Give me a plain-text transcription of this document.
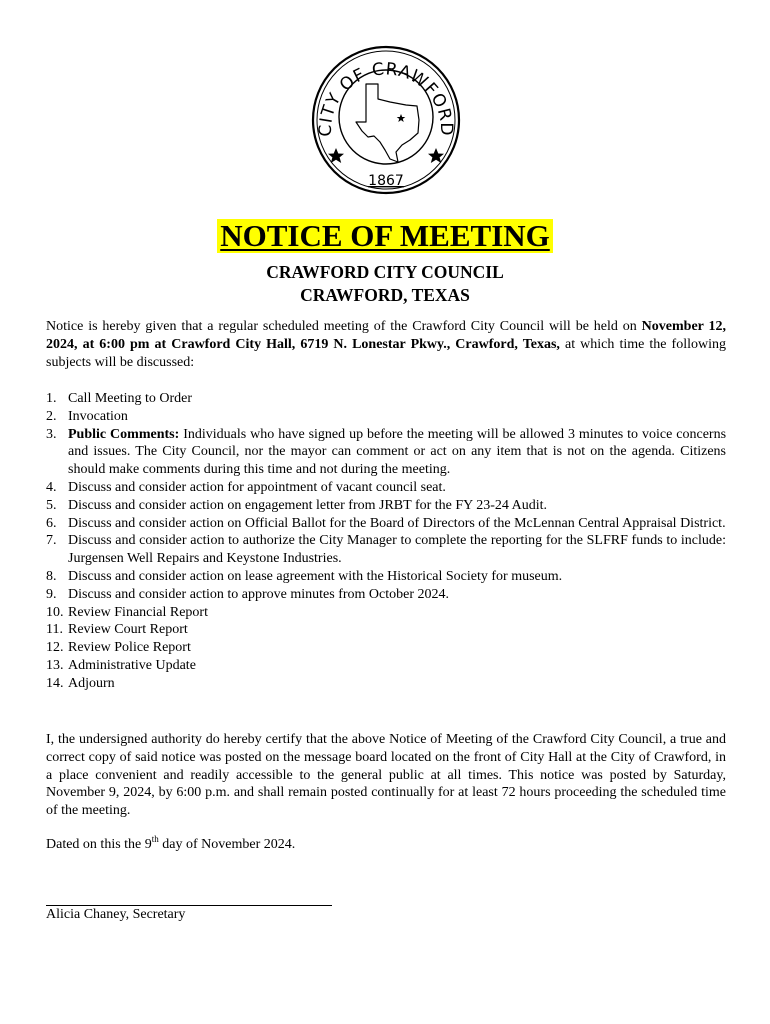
CITY OF CRAWFORD
1867
NOTICE OF MEETING
CRAWFORD CITY COUNCIL
CRAWFORD, TEXAS

Notice is hereby given that a regular scheduled meeting of the Crawford City Council will be held on November 12, 2024, at 6:00 pm at Crawford City Hall, 6719 N. Lonestar Pkwy., Crawford, Texas, at which time the following subjects will be discussed:

1. Call Meeting to Order
2. Invocation
3. Public Comments: Individuals who have signed up before the meeting will be allowed 3 minutes to voice concerns and issues. The City Council, nor the mayor can comment or act on any item that is not on the agenda. Citizens should make comments during this time and not during the meeting.
4. Discuss and consider action for appointment of vacant council seat.
5. Discuss and consider action on engagement letter from JRBT for the FY 23-24 Audit.
6. Discuss and consider action on Official Ballot for the Board of Directors of the McLennan Central Appraisal District.
7. Discuss and consider action to authorize the City Manager to complete the reporting for the SLFRF funds to include: Jurgensen Well Repairs and Keystone Industries.
8. Discuss and consider action on lease agreement with the Historical Society for museum.
9. Discuss and consider action to approve minutes from October 2024.
10. Review Financial Report
11. Review Court Report
12. Review Police Report
13. Administrative Update
14. Adjourn

I, the undersigned authority do hereby certify that the above Notice of Meeting of the Crawford City Council, a true and correct copy of said notice was posted on the message board located on the front of City Hall at the City of Crawford, in a place convenient and readily accessible to the general public at all times. This notice was posted by Saturday, November 9, 2024, by 6:00 p.m. and shall remain posted continually for at least 72 hours proceeding the scheduled time of the meeting.

Dated on this the 9th day of November 2024.

Alicia Chaney, Secretary
